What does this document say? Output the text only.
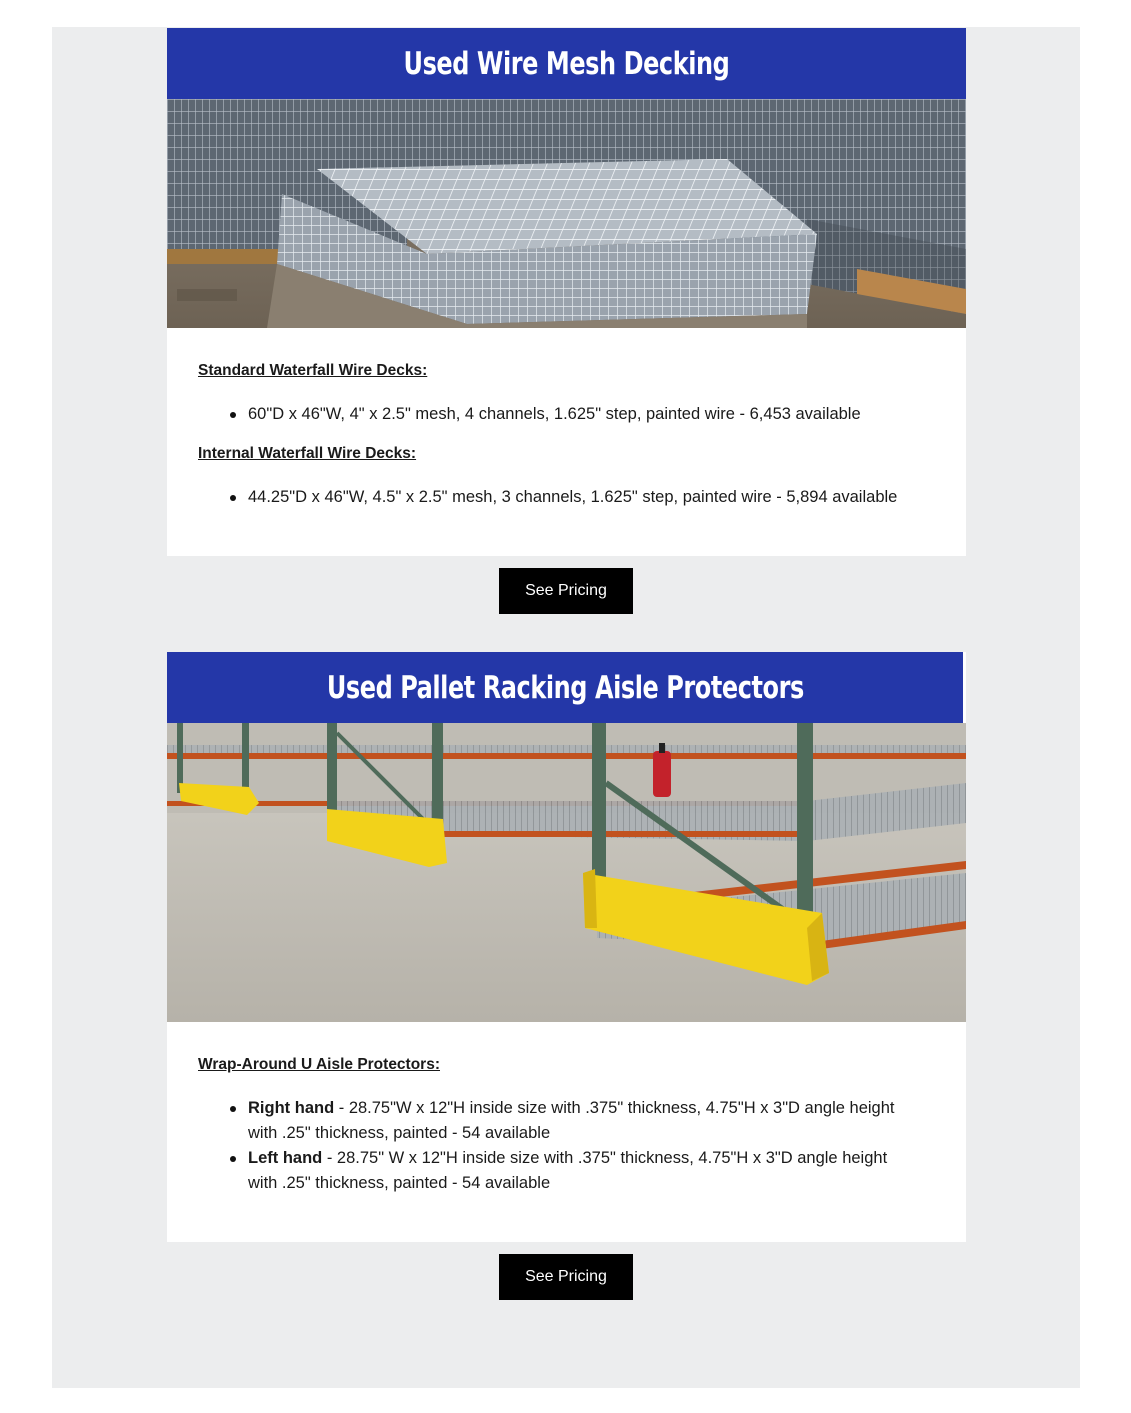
Used Wire Mesh Decking
Standard Waterfall Wire Decks:
60"D x 46"W, 4" x 2.5" mesh, 4 channels, 1.625" step, painted wire - 6,453 available
Internal Waterfall Wire Decks:
44.25"D x 46"W, 4.5" x 2.5" mesh, 3 channels, 1.625" step, painted wire - 5,894 available
See Pricing
Used Pallet Racking Aisle Protectors
Wrap-Around U Aisle Protectors:
Right hand - 28.75"W x 12"H inside size with .375" thickness, 4.75"H x 3"D angle height with .25" thickness, painted - 54 available
Left hand - 28.75" W x 12"H inside size with .375" thickness, 4.75"H x 3"D angle height with .25" thickness, painted - 54 available
See Pricing
